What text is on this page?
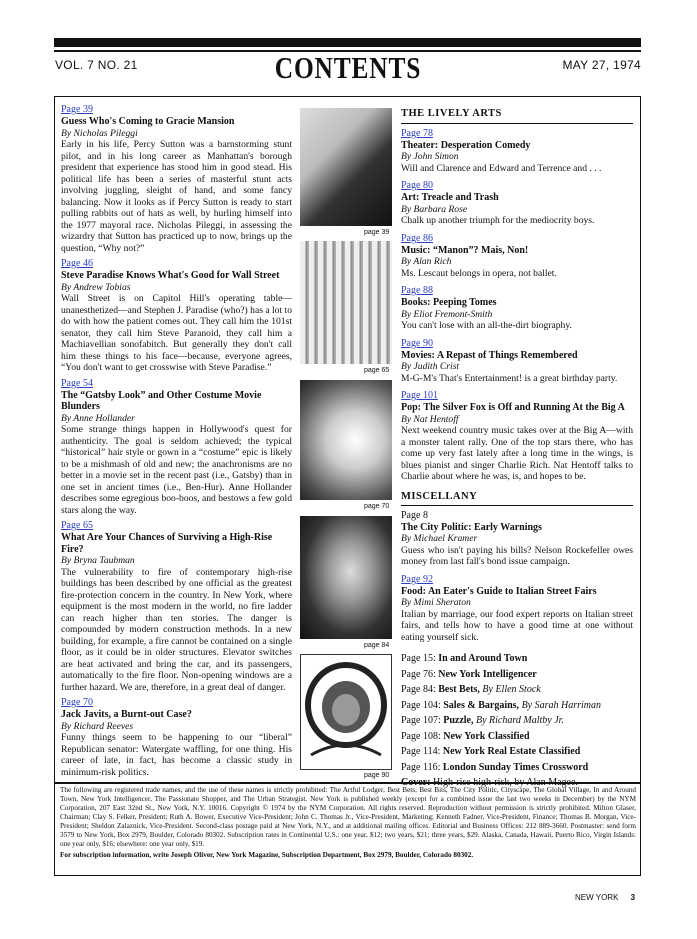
VOL. 7 NO. 21	CONTENTS	MAY 27, 1974
Page 39
Guess Who's Coming to Gracie Mansion
By Nicholas Pileggi
Early in his life, Percy Sutton was a barnstorming stunt pilot, and in his long career as Manhattan's borough president that experience has stood him in good stead. His political life has been a series of masterful stunt acts involving juggling, sleight of hand, and some fancy balancing. Now it looks as if Percy Sutton is ready to start pulling rabbits out of hats as well, by hurling himself into the 1977 mayoral race. Nicholas Pileggi, in assessing the wizardry that Sutton has practiced up to now, brings up the question, “Why not?”
Page 46
Steve Paradise Knows What's Good for Wall Street
By Andrew Tobias
Wall Street is on Capitol Hill's operating table—unanesthetized—and Stephen J. Paradise (who?) has a lot to do with how the patient comes out. They call him the 101st senator, they call him Steve Paranoid, they call him a Machiavellian sonofabitch. But generally they don't call him these things to his face—because, everyone agrees, “You don't want to get crosswise with Steve Paradise.”
Page 54
The “Gatsby Look” and Other Costume Movie Blunders
By Anne Hollander
Some strange things happen in Hollywood's quest for authenticity. The goal is seldom achieved; the typical “historical” hair style or gown in a “costume” epic is likely to be a mishmash of old and new; the anachronisms are no better in a movie set in the recent past (i.e., Gatsby) than in one set in ancient times (i.e., Ben-Hur). Anne Hollander describes some egregious boo-boos, and bestows a few gold stars along the way.
Page 65
What Are Your Chances of Surviving a High-Rise Fire?
By Bryna Taubman
The vulnerability to fire of contemporary high-rise buildings has been described by one official as the greatest fire-protection concern in the country. In New York, where equipment is the most modern in the world, no fire ladder can reach higher than ten stories. The danger is compounded by modern construction methods. In a new building, for example, a fire cannot be contained on a single floor, as it could be in older structures. Elevator switches are heat activated and bring the car, and its passengers, automatically to the fire floor. Non-opening windows are a further hazard. We are, therefore, in a great deal of danger.
Page 70
Jack Javits, a Burnt-out Case?
By Richard Reeves
Funny things seem to be happening to our “liberal” Republican senator: Watergate waffling, for one thing. His career of late, in fact, has become a classic study in minimum-risk politics.
page 39
page 65
page 70
page 84
page 90
THE LIVELY ARTS
Page 78
Theater: Desperation Comedy
By John Simon
Will and Clarence and Edward and Terrence and . . .
Page 80
Art: Treacle and Trash
By Barbara Rose
Chalk up another triumph for the mediocrity boys.
Page 86
Music: “Manon”? Mais, Non!
By Alan Rich
Ms. Lescaut belongs in opera, not ballet.
Page 88
Books: Peeping Tomes
By Eliot Fremont-Smith
You can't lose with an all-the-dirt biography.
Page 90
Movies: A Repast of Things Remembered
By Judith Crist
M-G-M's That's Entertainment! is a great birthday party.
Page 101
Pop: The Silver Fox is Off and Running At the Big A
By Nat Hentoff
Next weekend country music takes over at the Big A—with a monster talent rally. One of the top stars there, who has come up very fast lately after a long time in the wings, is blues pianist and singer Charlie Rich. Nat Hentoff talks to Charlie about where he was, is, and hopes to be.
MISCELLANY
Page 8
The City Politic: Early Warnings
By Michael Kramer
Guess who isn't paying his bills? Nelson Rockefeller owes money from last fall's bond issue campaign.
Page 92
Food: An Eater's Guide to Italian Street Fairs
By Mimi Sheraton
Italian by marriage, our food expert reports on Italian street fairs, and tells how to have a good time at one without eating yourself sick.
Page 15: In and Around Town
Page 76: New York Intelligencer
Page 84: Best Bets, By Ellen Stock
Page 104: Sales & Bargains, By Sarah Harriman
Page 107: Puzzle, By Richard Maltby Jr.
Page 108: New York Classified
Page 114: New York Real Estate Classified
Page 116: London Sunday Times Crossword
The following are registered trade names, and the use of these names is strictly prohibited: The Artful Lodger, Best Bets, Best Bits, The City Politic, Cityscape, The Global Village, In and Around Town, New York Intelligencer, The Passionate Shopper, and The Urban Strategist. New York is published weekly (except for a combined issue the last two weeks in December) by the NYM Corporation, 207 East 32nd St., New York, N.Y. 10016. Copyright © 1974 by the NYM Corporation. All rights reserved. Reproduction without permission is strictly prohibited. Milton Glaser, Chairman; Clay S. Felker, President; Ruth A. Bower, Executive Vice-President; John C. Thomas Jr., Vice-President, Marketing; Kenneth Fadner, Vice-President, Finance; Thomas B. Morgan, Vice-President; Sheldon Zalaznick, Vice-President. Second-class postage paid at New York, N.Y., and at additional mailing offices. Editorial and Business Offices: 212 889-3660. Postmaster: send form 3579 to New York, Box 2979, Boulder, Colorado 80302. Subscription rates in Continental U.S.: one year, $12; two years, $21; three years, $29. Alaska, Canada, Hawaii, Puerto Rico, Virgin Islands: one year only, $16; elsewhere: one year only, $19.
For subscription information, write Joseph Oliver, New York Magazine, Subscription Department, Box 2979, Boulder, Colorado 80302.
NEW YORK 3
